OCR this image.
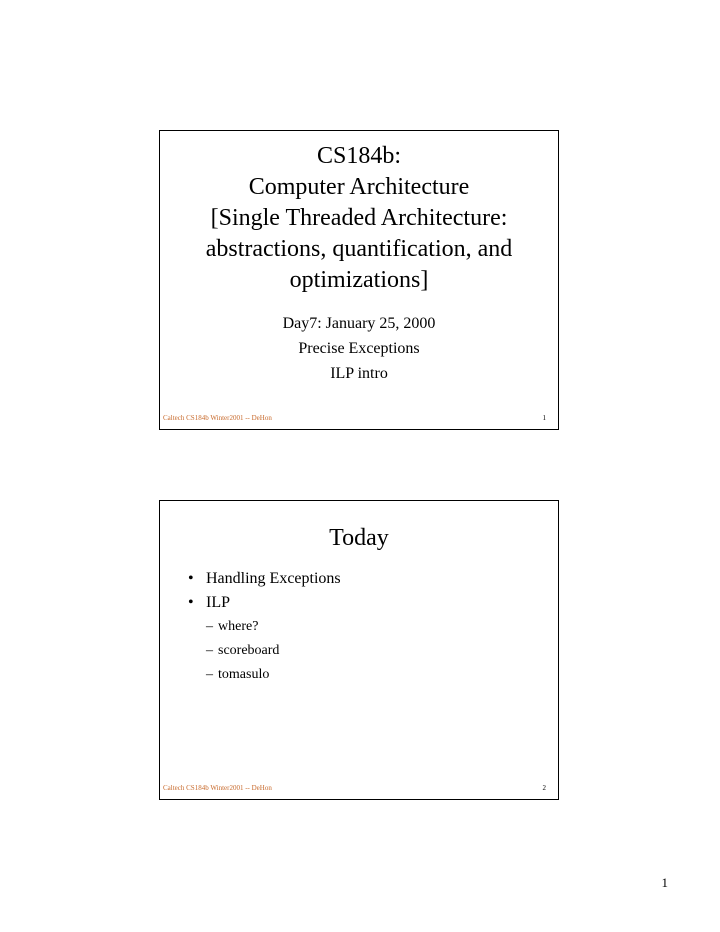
CS184b:
Computer Architecture
[Single Threaded Architecture:
abstractions, quantification, and
optimizations]
Day7: January 25, 2000
Precise Exceptions
ILP intro
Caltech CS184b Winter2001 -- DeHon	1
Today
• Handling Exceptions
• ILP
– where?
– scoreboard
– tomasulo
Caltech CS184b Winter2001 -- DeHon	2
1
